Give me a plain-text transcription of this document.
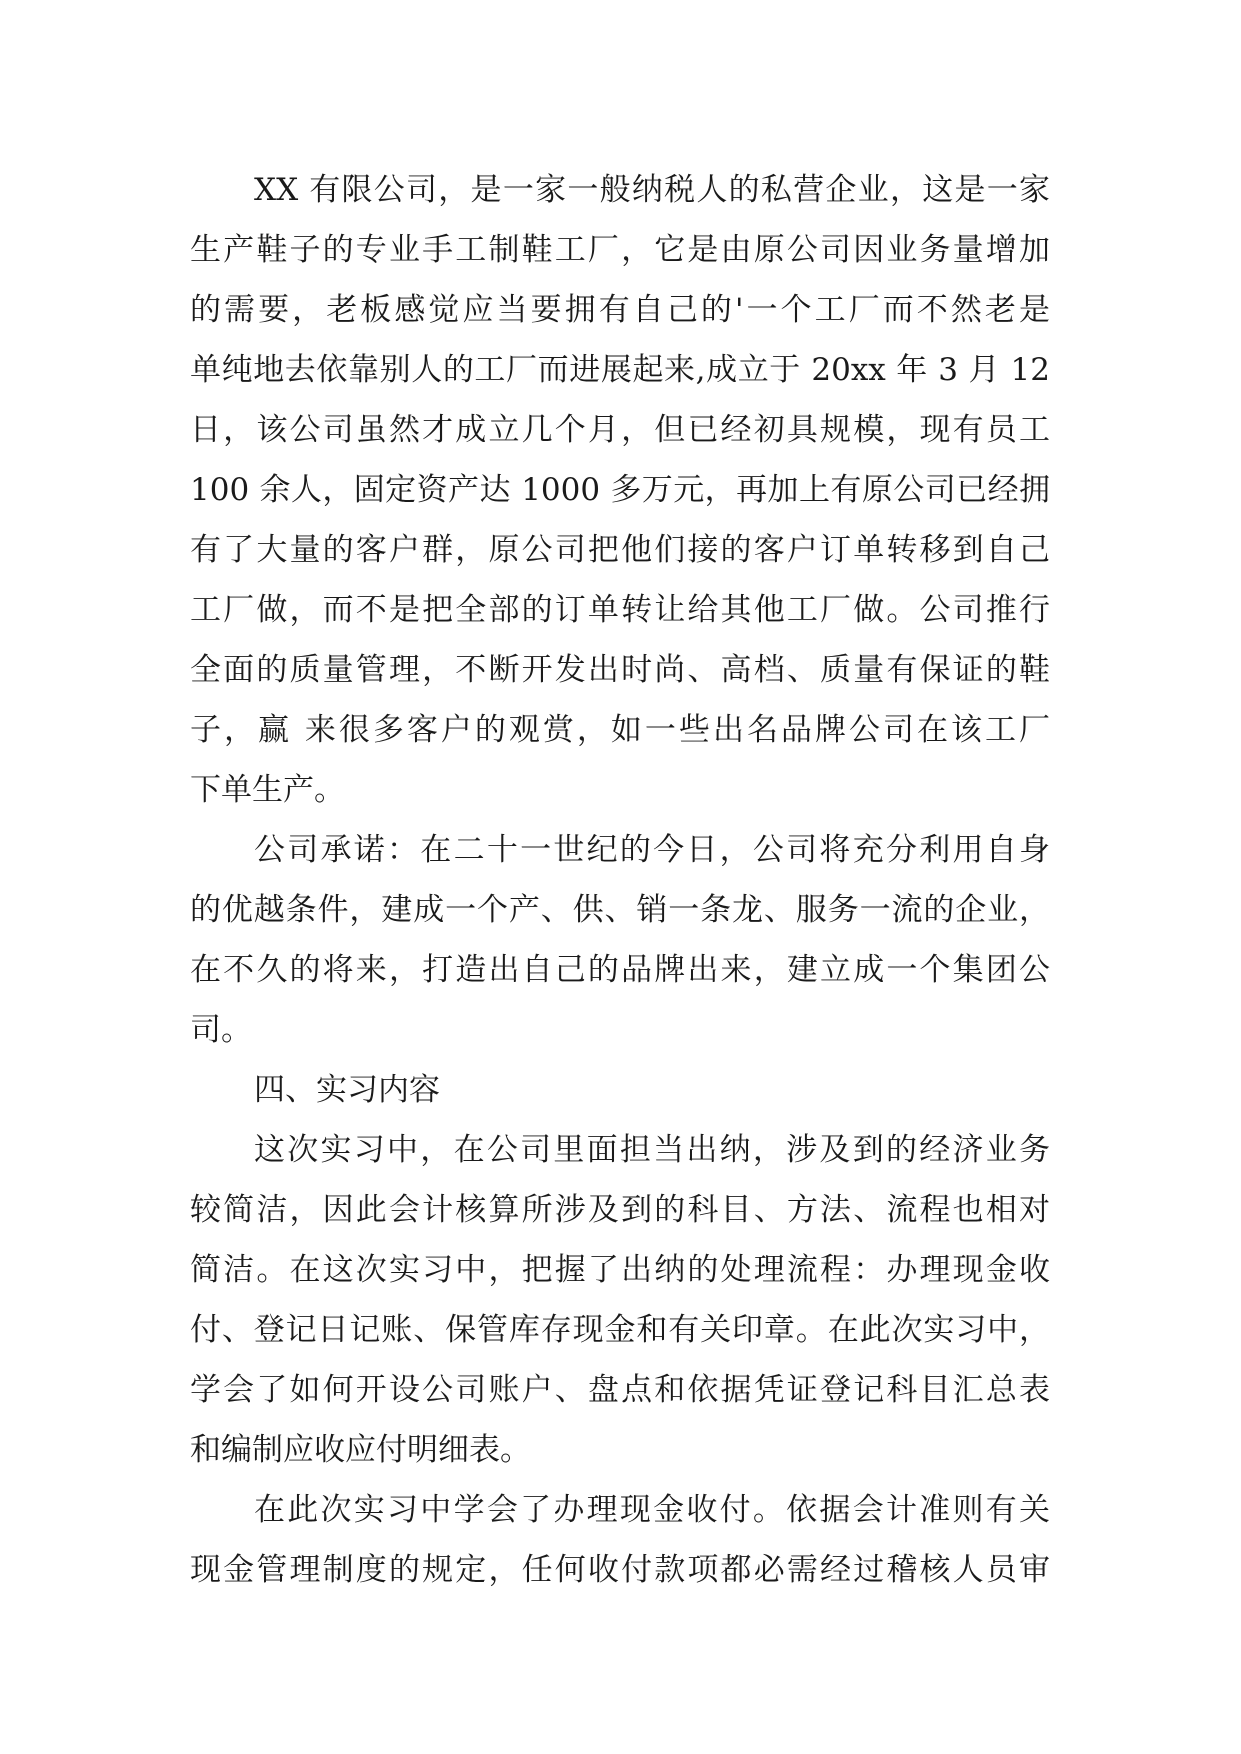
XX 有限公司，是一家一般纳税人的私营企业，这是一家
生产鞋子的专业手工制鞋工厂，它是由原公司因业务量增加
的需要，老板感觉应当要拥有自己的'一个工厂而不然老是
单纯地去依靠别人的工厂而进展起来,成立于 20xx 年 3 月 12
日，该公司虽然才成立几个月，但已经初具规模，现有员工
100 余人，固定资产达 1000 多万元，再加上有原公司已经拥
有了大量的客户群，原公司把他们接的客户订单转移到自己
工厂做，而不是把全部的订单转让给其他工厂做。公司推行
全面的质量管理，不断开发出时尚、高档、质量有保证的鞋
子，赢 来很多客户的观赏，如一些出名品牌公司在该工厂
下单生产。
公司承诺：在二十一世纪的今日，公司将充分利用自身
的优越条件，建成一个产、供、销一条龙、服务一流的企业，
在不久的将来，打造出自己的品牌出来，建立成一个集团公
司。
四、实习内容
这次实习中，在公司里面担当出纳，涉及到的经济业务
较简洁，因此会计核算所涉及到的科目、方法、流程也相对
简洁。在这次实习中，把握了出纳的处理流程：办理现金收
付、登记日记账、保管库存现金和有关印章。在此次实习中，
学会了如何开设公司账户、盘点和依据凭证登记科目汇总表
和编制应收应付明细表。
在此次实习中学会了办理现金收付。依据会计准则有关
现金管理制度的规定，任何收付款项都必需经过稽核人员审
